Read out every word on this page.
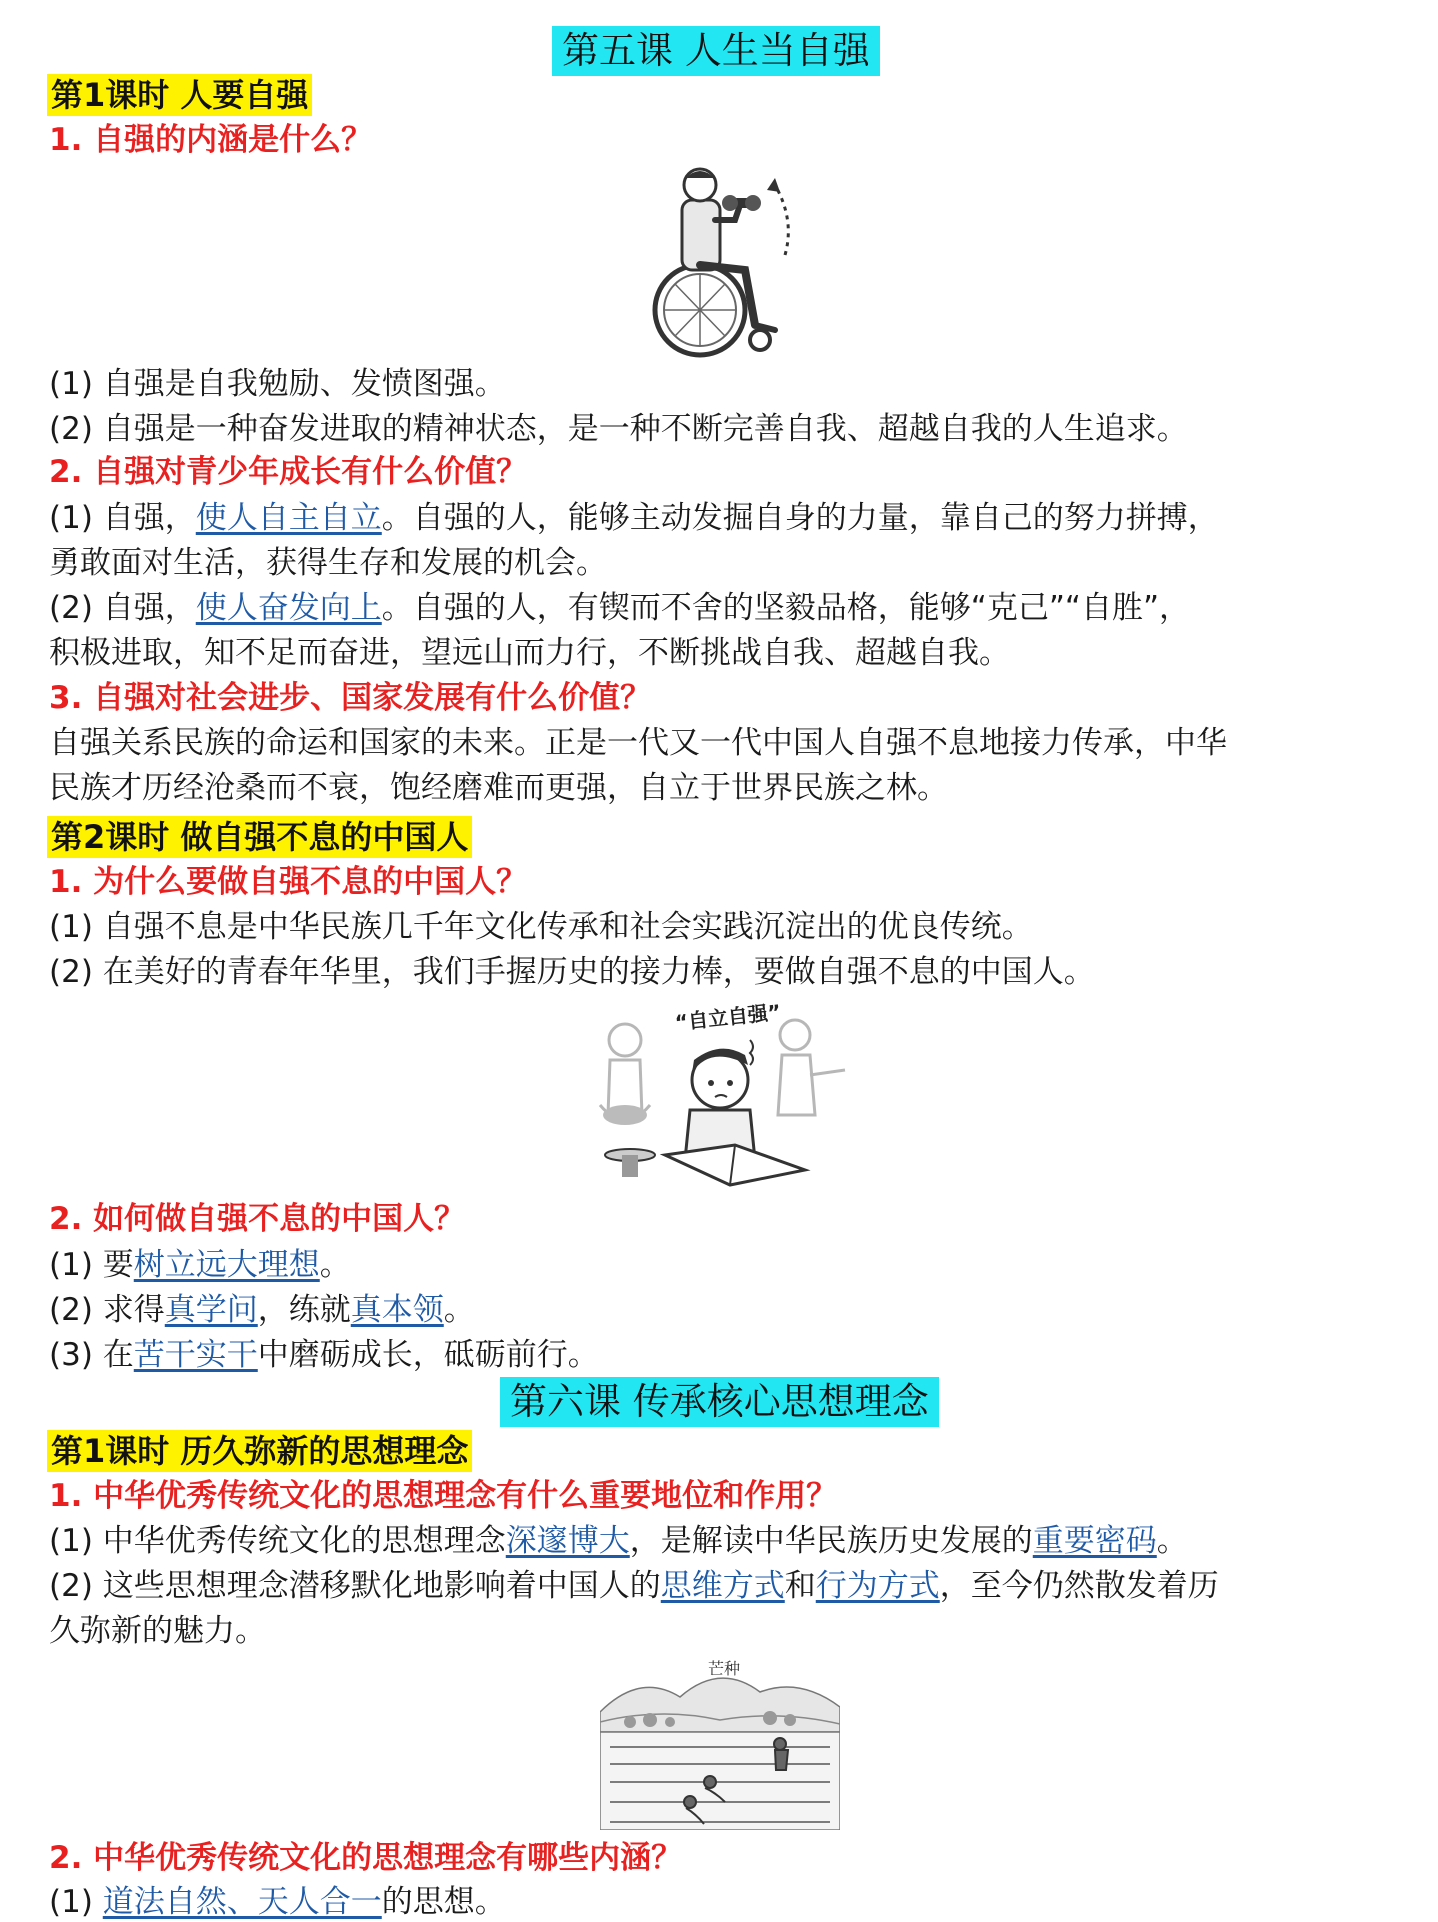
第五课 人生当自强
第1课时 人要自强
1. 自强的内涵是什么？
(1) 自强是自我勉励、发愤图强。
(2) 自强是一种奋发进取的精神状态，是一种不断完善自我、超越自我的人生追求。
2. 自强对青少年成长有什么价值？
(1) 自强，使人自主自立。自强的人，能够主动发掘自身的力量，靠自己的努力拼搏，
勇敢面对生活，获得生存和发展的机会。
(2) 自强，使人奋发向上。自强的人，有锲而不舍的坚毅品格，能够“克己”“自胜”，
积极进取，知不足而奋进，望远山而力行，不断挑战自我、超越自我。
3. 自强对社会进步、国家发展有什么价值？
自强关系民族的命运和国家的未来。正是一代又一代中国人自强不息地接力传承，中华
民族才历经沧桑而不衰，饱经磨难而更强，自立于世界民族之林。
第2课时 做自强不息的中国人
1. 为什么要做自强不息的中国人？
(1) 自强不息是中华民族几千年文化传承和社会实践沉淀出的优良传统。
(2) 在美好的青春年华里，我们手握历史的接力棒，要做自强不息的中国人。
“自立自强”
2. 如何做自强不息的中国人？
(1) 要树立远大理想。
(2) 求得真学问，练就真本领。
(3) 在苦干实干中磨砺成长，砥砺前行。
第六课 传承核心思想理念
第1课时 历久弥新的思想理念
1. 中华优秀传统文化的思想理念有什么重要地位和作用？
(1) 中华优秀传统文化的思想理念深邃博大，是解读中华民族历史发展的重要密码。
(2) 这些思想理念潜移默化地影响着中国人的思维方式和行为方式，至今仍然散发着历
久弥新的魅力。
芒种
2. 中华优秀传统文化的思想理念有哪些内涵？
(1) 道法自然、天人合一的思想。
